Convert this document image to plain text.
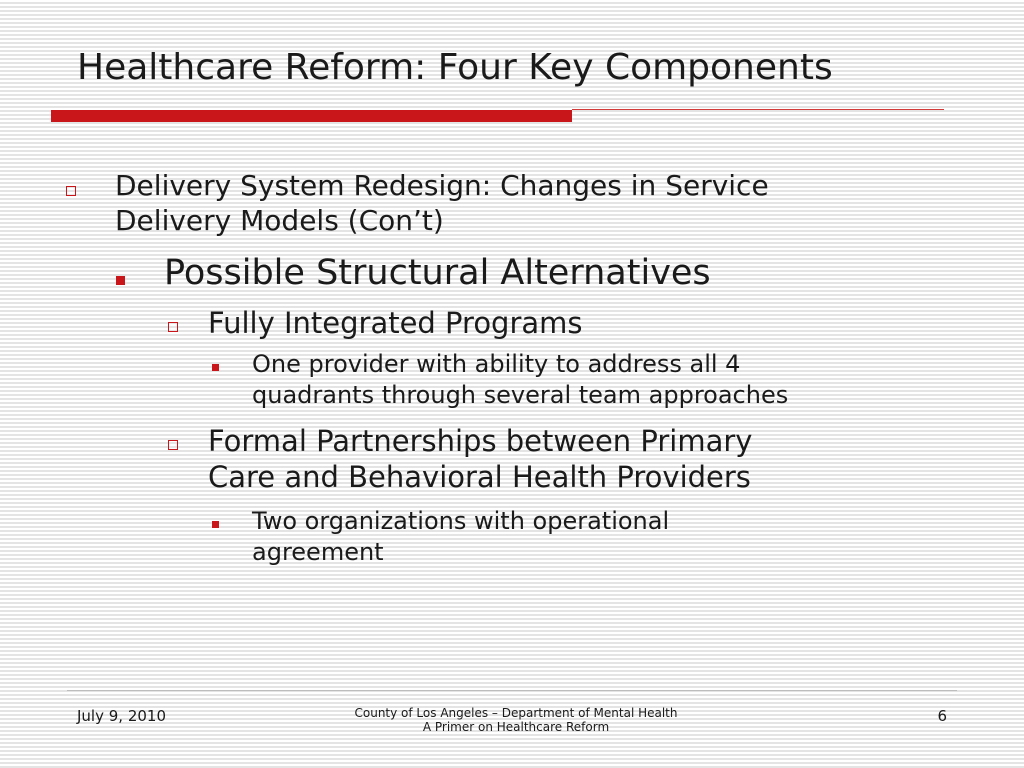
Healthcare Reform: Four Key Components
Delivery System Redesign: Changes in Service
Delivery Models (Con’t)
Possible Structural Alternatives
Fully Integrated Programs
One provider with ability to address all 4
quadrants through several team approaches
Formal Partnerships between Primary
Care and Behavioral Health Providers
Two organizations with operational
agreement
July 9, 2010	County of Los Angeles – Department of Mental Health
A Primer on Healthcare Reform
6
